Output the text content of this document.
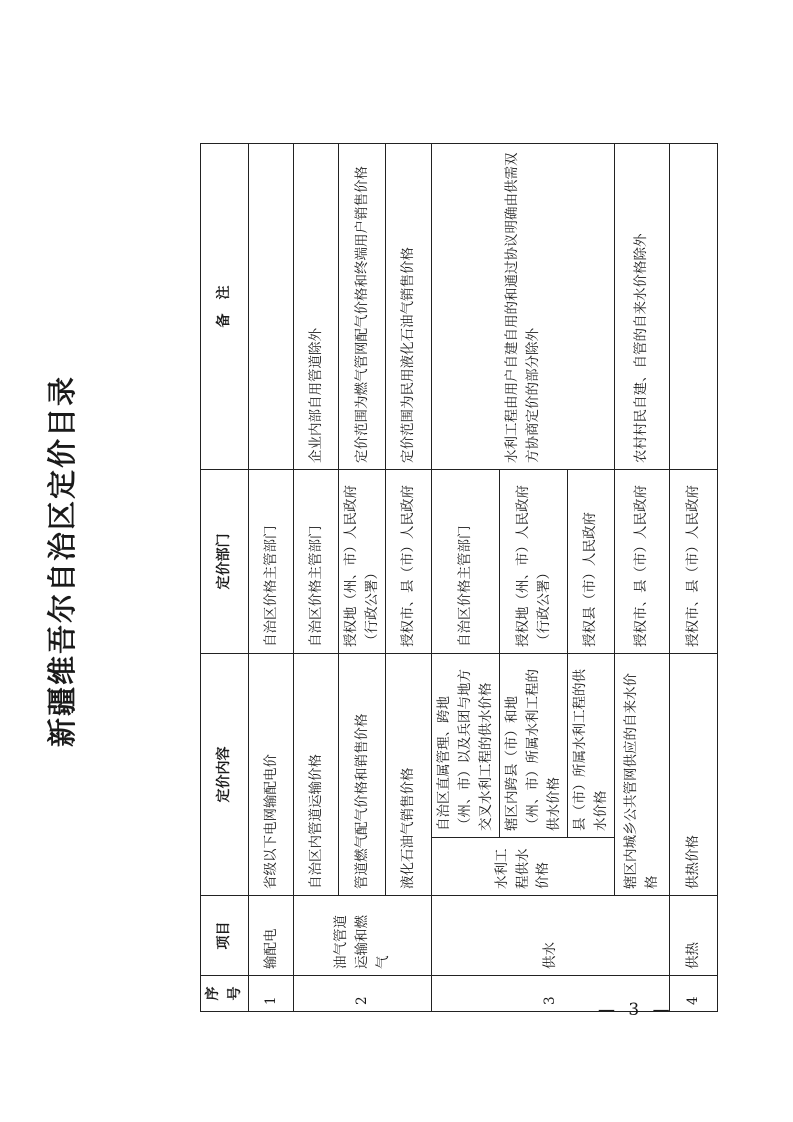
新疆维吾尔自治区定价目录
序号	项目	定价内容		定价部门	备　注
1	输配电	省级以下电网输配电价		自治区价格主管部门	
2	油气管道运输和燃气	自治区内管道运输价格		自治区价格主管部门	企业内部自用管道除外
		管道燃气配气价格和销售价格		授权地（州、市）人民政府（行政公署）	定价范围为燃气管网配气价格和终端用户销售价格
		液化石油气销售价格		授权市、县（市）人民政府	定价范围为民用液化石油气销售价格
3	供水	水利工程供水价格	自治区直属管理、跨地（州、市）以及兵团与地方交叉水利工程的供水价格	自治区价格主管部门	水利工程由用户自建自用的和通过协议明确由供需双方协商定价的部分除外
			辖区内跨县（市）和地（州、市）所属水利工程的供水价格	授权地（州、市）人民政府（行政公署）	
			县（市）所属水利工程的供水价格	授权县（市）人民政府	
		辖区内城乡公共管网供应的自来水价格		授权市、县（市）人民政府	农村村民自建、自管的自来水价格除外
4	供热	供热价格		授权市、县（市）人民政府	
— 3 —
